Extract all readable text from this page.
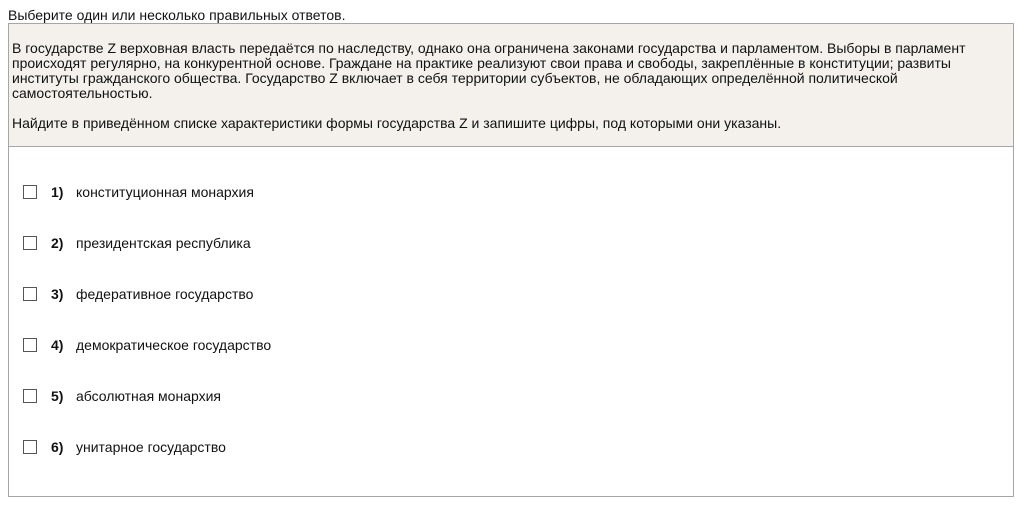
Выберите один или несколько правильных ответов.

В государстве Z верховная власть передаётся по наследству, однако она ограничена законами государства и парламентом. Выборы в парламент происходят регулярно, на конкурентной основе. Граждане на практике реализуют свои права и свободы, закреплённые в конституции; развиты институты гражданского общества. Государство Z включает в себя территории субъектов, не обладающих определённой политической самостоятельностью.

Найдите в приведённом списке характеристики формы государства Z и запишите цифры, под которыми они указаны.

1) конституционная монархия
2) президентская республика
3) федеративное государство
4) демократическое государство
5) абсолютная монархия
6) унитарное государство
